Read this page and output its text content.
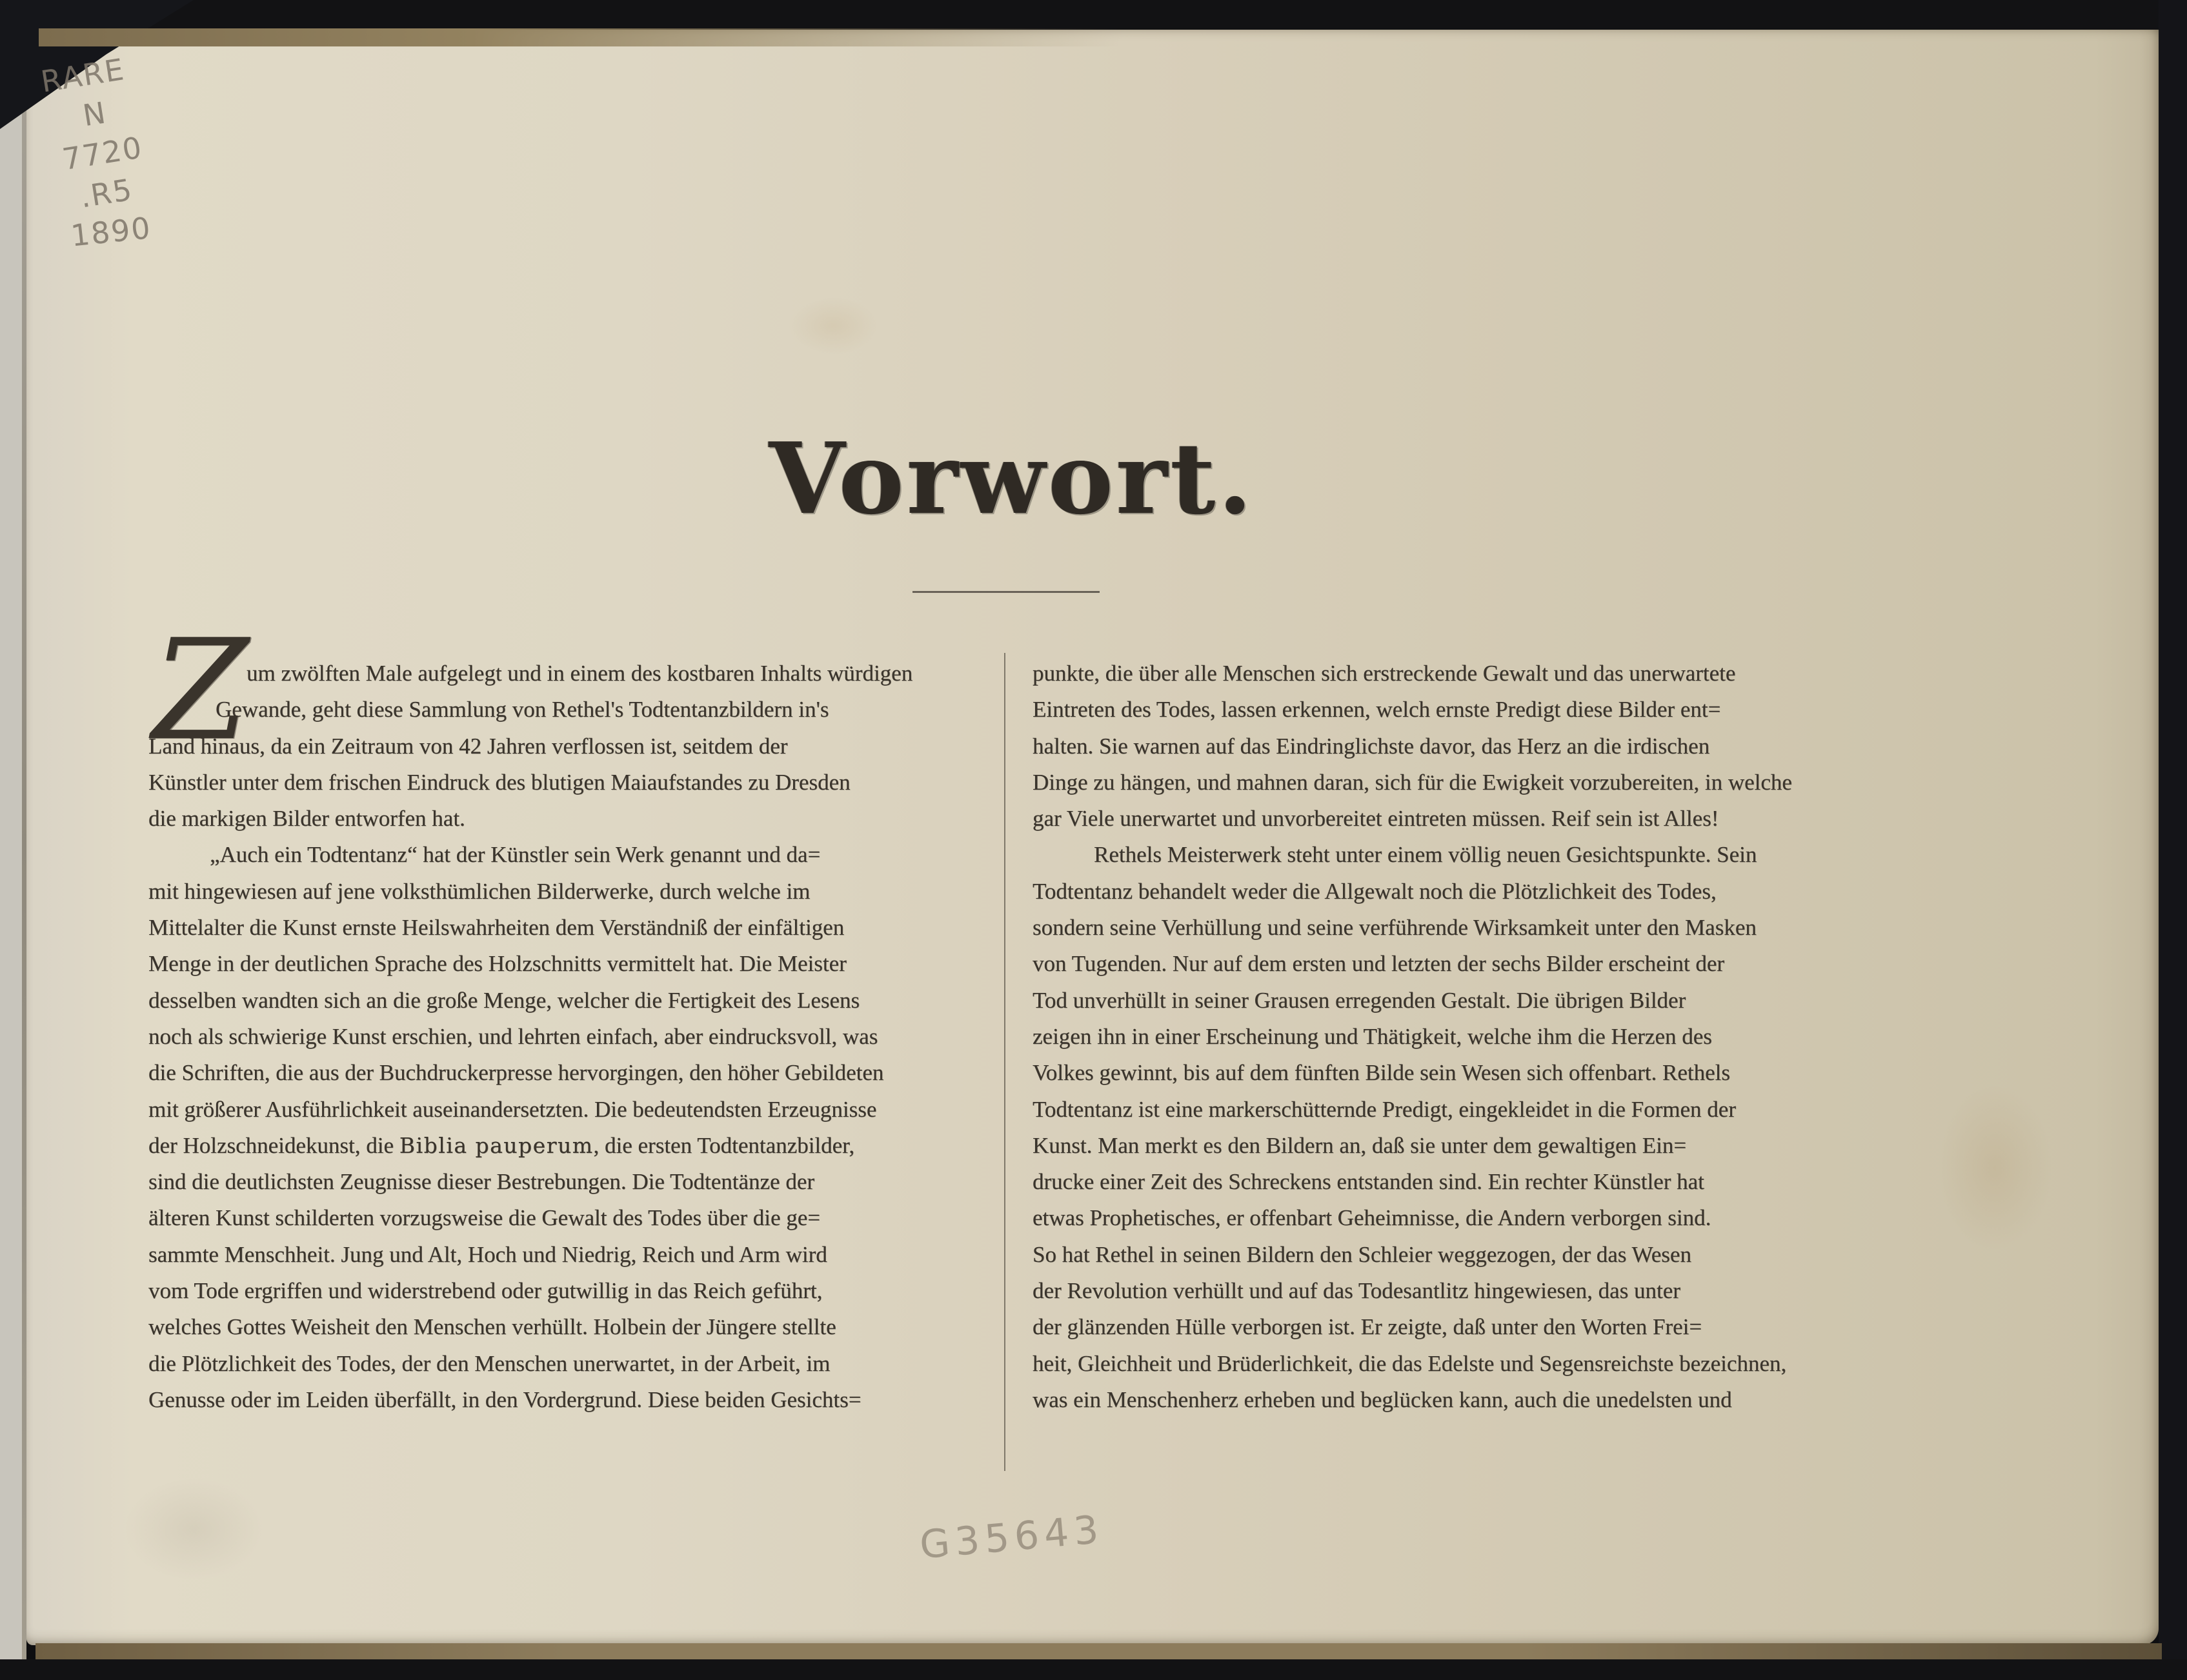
RARE
N
7720
.R5
1890
Vorwort.
Z
um zwölften Male aufgelegt und in einem des kostbaren Inhalts würdigen
Gewande, geht diese Sammlung von Rethel's Todtentanzbildern in's
Land hinaus, da ein Zeitraum von 42 Jahren verflossen ist, seitdem der
Künstler unter dem frischen Eindruck des blutigen Maiaufstandes zu Dresden
die markigen Bilder entworfen hat.
„Auch ein Todtentanz“ hat der Künstler sein Werk genannt und da=
mit hingewiesen auf jene volksthümlichen Bilderwerke, durch welche im
Mittelalter die Kunst ernste Heilswahrheiten dem Verständniß der einfältigen
Menge in der deutlichen Sprache des Holzschnitts vermittelt hat. Die Meister
desselben wandten sich an die große Menge, welcher die Fertigkeit des Lesens
noch als schwierige Kunst erschien, und lehrten einfach, aber eindrucksvoll, was
die Schriften, die aus der Buchdruckerpresse hervorgingen, den höher Gebildeten
mit größerer Ausführlichkeit auseinandersetzten. Die bedeutendsten Erzeugnisse
der Holzschneidekunst, die Biblia pauperum, die ersten Todtentanzbilder,
sind die deutlichsten Zeugnisse dieser Bestrebungen. Die Todtentänze der
älteren Kunst schilderten vorzugsweise die Gewalt des Todes über die ge=
sammte Menschheit. Jung und Alt, Hoch und Niedrig, Reich und Arm wird
vom Tode ergriffen und widerstrebend oder gutwillig in das Reich geführt,
welches Gottes Weisheit den Menschen verhüllt. Holbein der Jüngere stellte
die Plötzlichkeit des Todes, der den Menschen unerwartet, in der Arbeit, im
Genusse oder im Leiden überfällt, in den Vordergrund. Diese beiden Gesichts=
punkte, die über alle Menschen sich erstreckende Gewalt und das unerwartete
Eintreten des Todes, lassen erkennen, welch ernste Predigt diese Bilder ent=
halten. Sie warnen auf das Eindringlichste davor, das Herz an die irdischen
Dinge zu hängen, und mahnen daran, sich für die Ewigkeit vorzubereiten, in welche
gar Viele unerwartet und unvorbereitet eintreten müssen. Reif sein ist Alles!
Rethels Meisterwerk steht unter einem völlig neuen Gesichtspunkte. Sein
Todtentanz behandelt weder die Allgewalt noch die Plötzlichkeit des Todes,
sondern seine Verhüllung und seine verführende Wirksamkeit unter den Masken
von Tugenden. Nur auf dem ersten und letzten der sechs Bilder erscheint der
Tod unverhüllt in seiner Grausen erregenden Gestalt. Die übrigen Bilder
zeigen ihn in einer Erscheinung und Thätigkeit, welche ihm die Herzen des
Volkes gewinnt, bis auf dem fünften Bilde sein Wesen sich offenbart. Rethels
Todtentanz ist eine markerschütternde Predigt, eingekleidet in die Formen der
Kunst. Man merkt es den Bildern an, daß sie unter dem gewaltigen Ein=
drucke einer Zeit des Schreckens entstanden sind. Ein rechter Künstler hat
etwas Prophetisches, er offenbart Geheimnisse, die Andern verborgen sind.
So hat Rethel in seinen Bildern den Schleier weggezogen, der das Wesen
der Revolution verhüllt und auf das Todesantlitz hingewiesen, das unter
der glänzenden Hülle verborgen ist. Er zeigte, daß unter den Worten Frei=
heit, Gleichheit und Brüderlichkeit, die das Edelste und Segensreichste bezeichnen,
was ein Menschenherz erheben und beglücken kann, auch die unedelsten und
G35643
